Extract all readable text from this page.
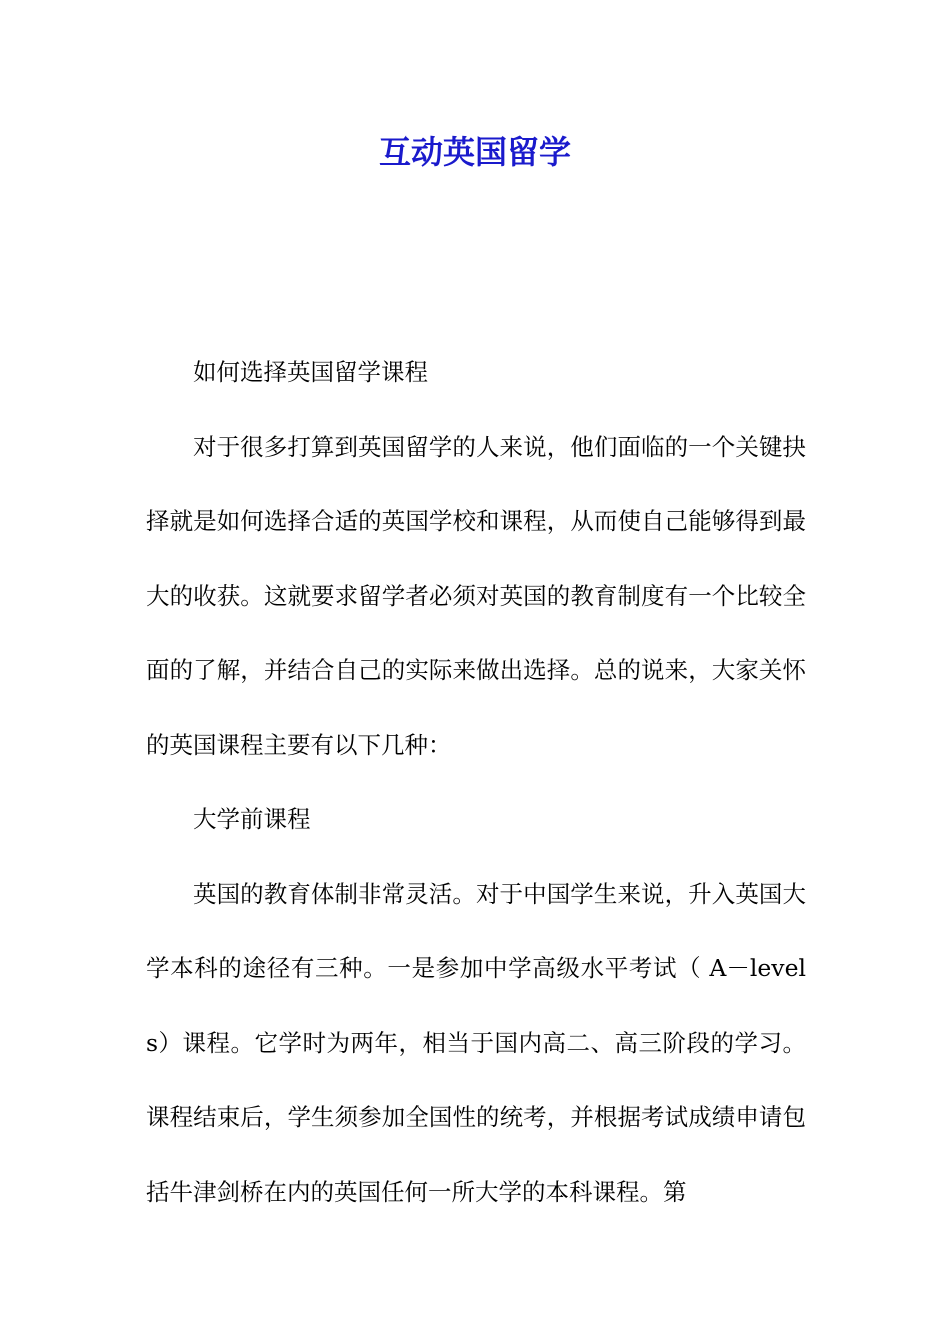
互动英国留学

如何选择英国留学课程

对于很多打算到英国留学的人来说，他们面临的一个关键抉择就是如何选择合适的英国学校和课程，从而使自己能够得到最大的收获。这就要求留学者必须对英国的教育制度有一个比较全面的了解，并结合自己的实际来做出选择。总的说来，大家关怀的英国课程主要有以下几种：

大学前课程

英国的教育体制非常灵活。对于中国学生来说，升入英国大学本科的途径有三种。一是参加中学高级水平考试（ A－levels）课程。它学时为两年，相当于国内高二、高三阶段的学习。课程结束后，学生须参加全国性的统考，并根据考试成绩申请包括牛津剑桥在内的英国任何一所大学的本科课程。第
